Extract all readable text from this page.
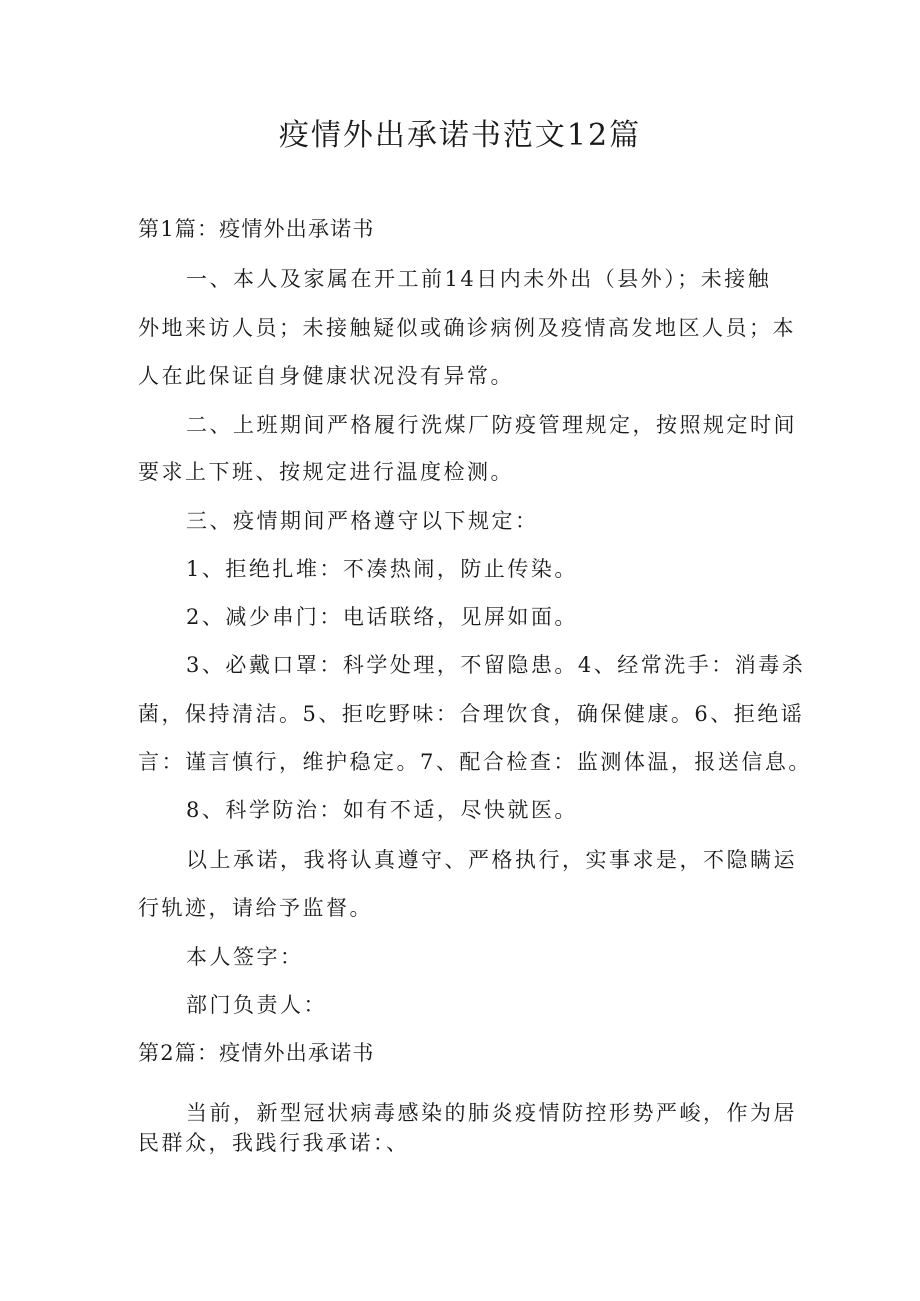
疫情外出承诺书范文12篇

第1篇：疫情外出承诺书

一、本人及家属在开工前14日内未外出（县外）；未接触

外地来访人员；未接触疑似或确诊病例及疫情高发地区人员；本

人在此保证自身健康状况没有异常。

二、上班期间严格履行洗煤厂防疫管理规定，按照规定时间

要求上下班、按规定进行温度检测。

三、疫情期间严格遵守以下规定：

1、拒绝扎堆：不凑热闹，防止传染。

2、减少串门：电话联络，见屏如面。

3、必戴口罩：科学处理，不留隐患。4、经常洗手：消毒杀

菌，保持清洁。5、拒吃野味：合理饮食，确保健康。6、拒绝谣

言：谨言慎行，维护稳定。7、配合检查：监测体温，报送信息。

8、科学防治：如有不适，尽快就医。

以上承诺，我将认真遵守、严格执行，实事求是，不隐瞒运

行轨迹，请给予监督。

本人签字：

部门负责人：

第2篇：疫情外出承诺书

当前，新型冠状病毒感染的肺炎疫情防控形势严峻，作为居

民群众，我践行我承诺：、
